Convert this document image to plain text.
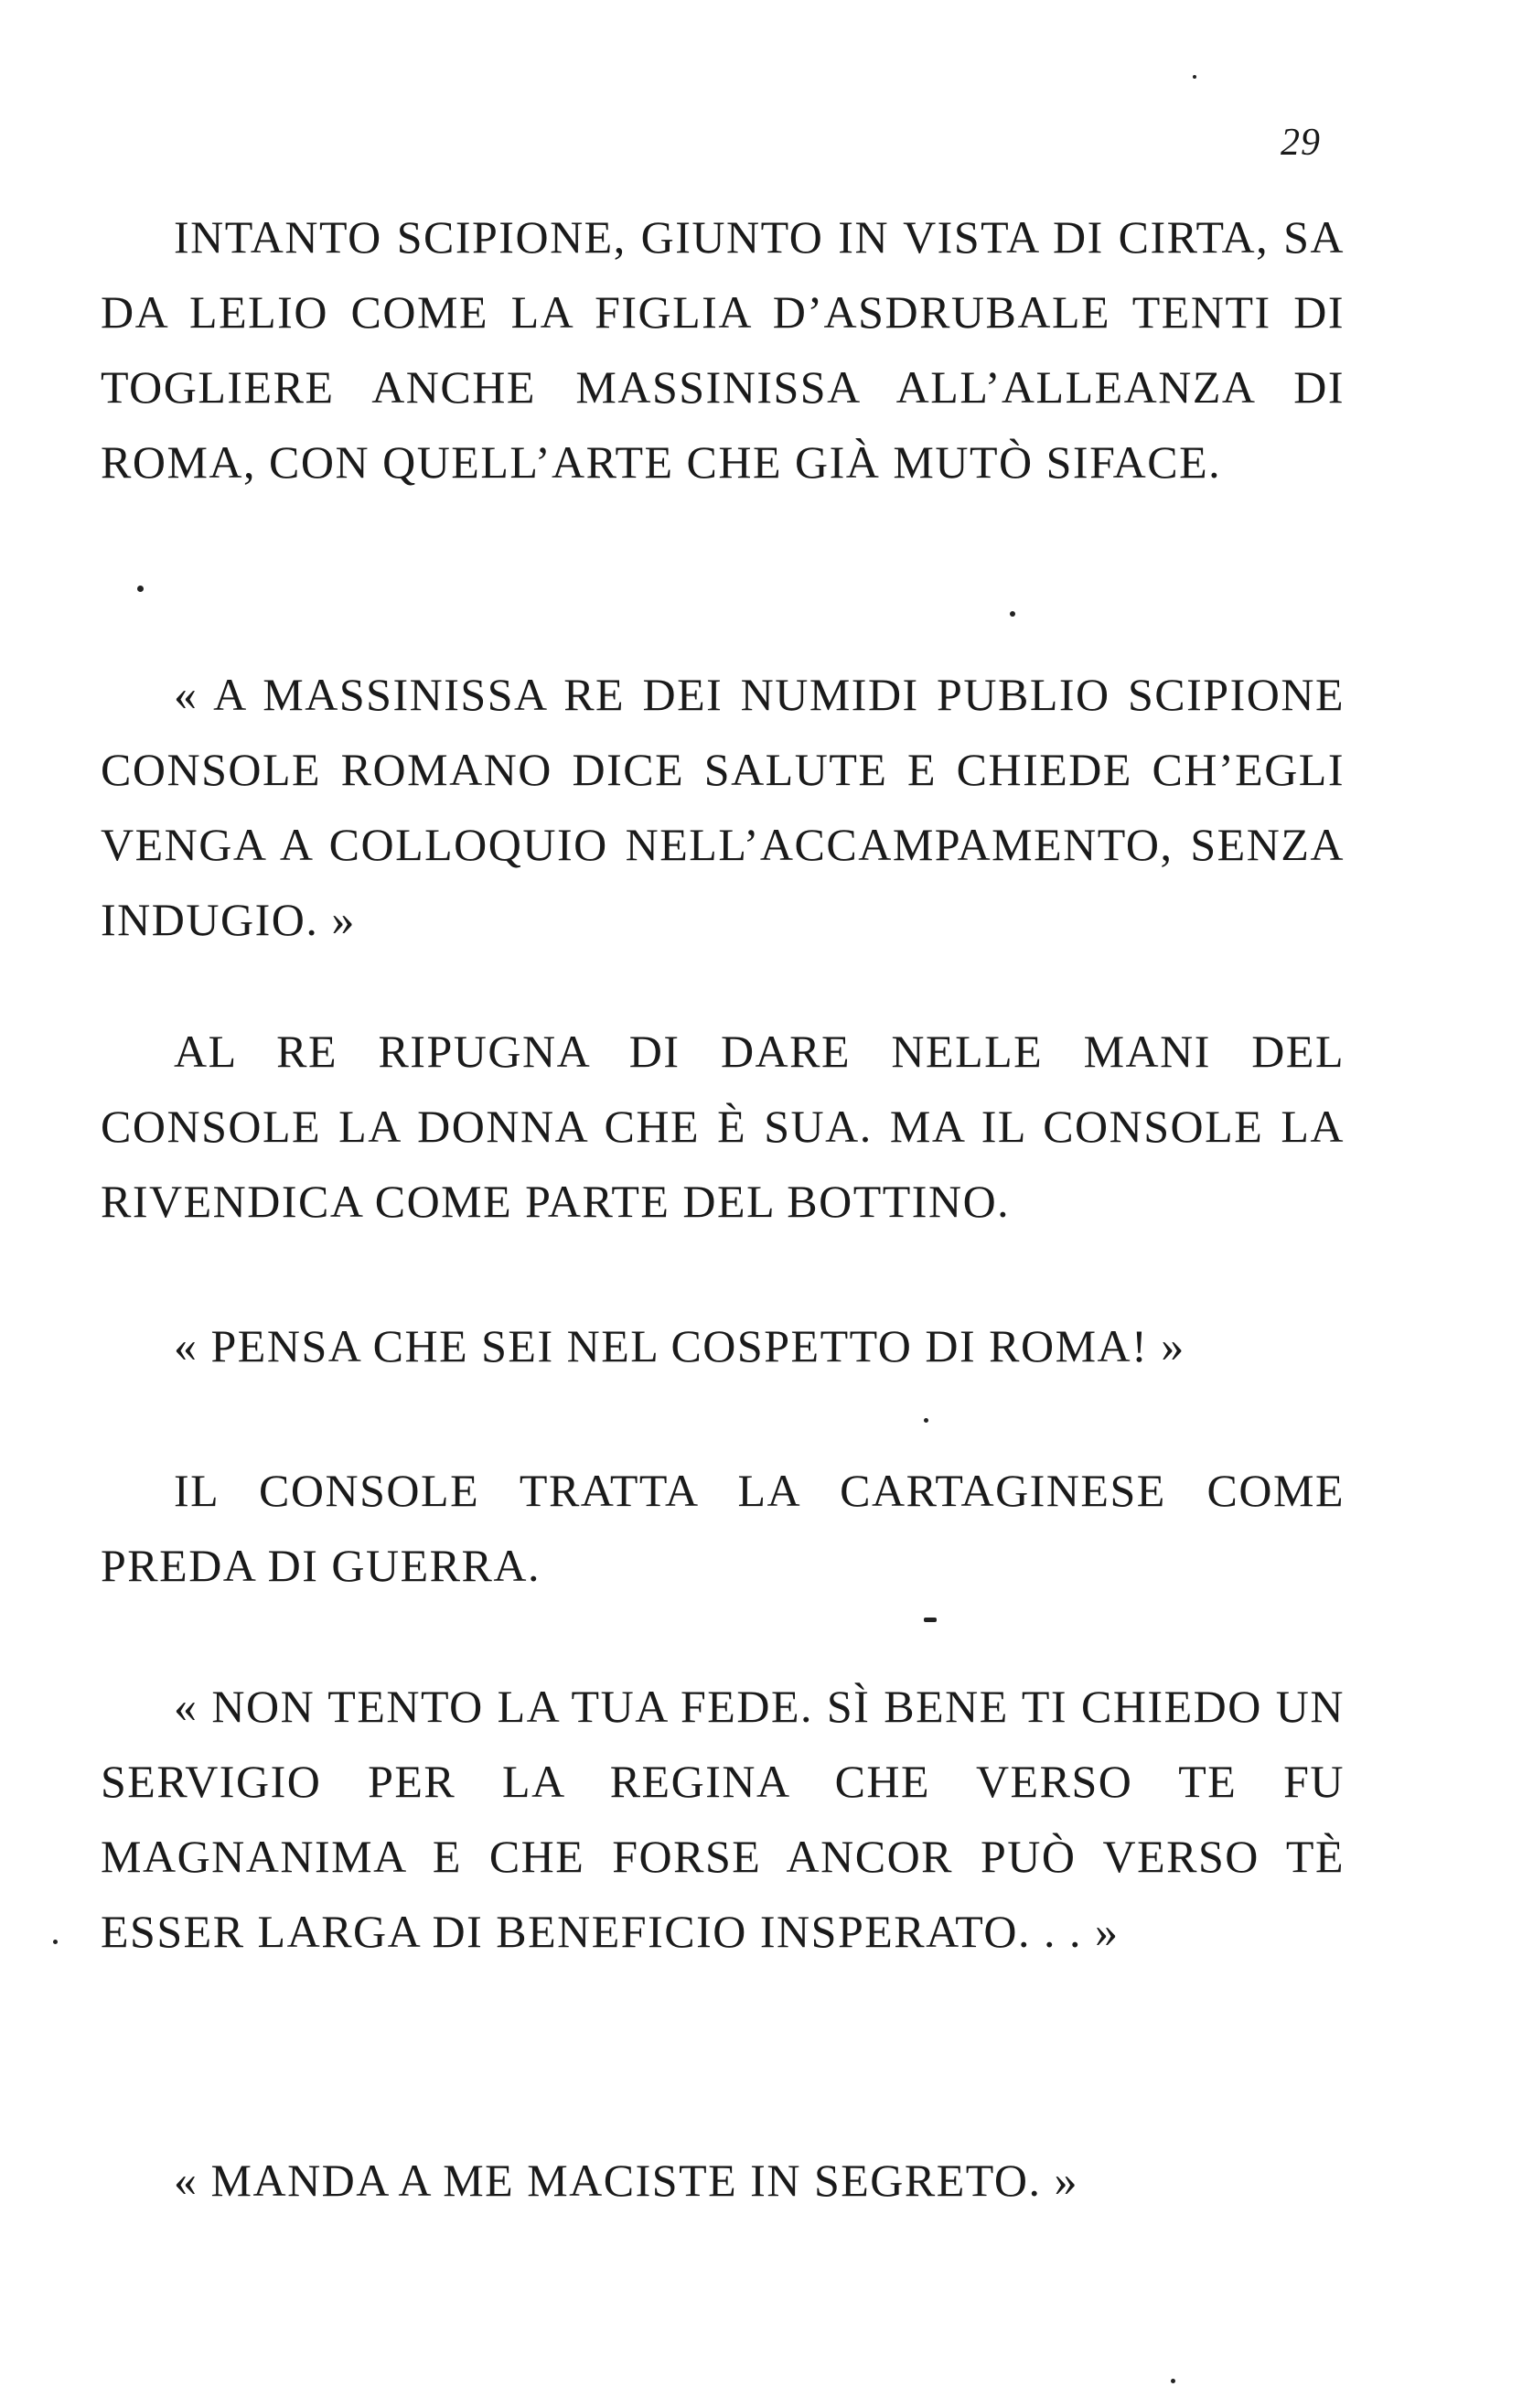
29

INTANTO SCIPIONE, GIUNTO IN VISTA DI CIRTA, SA DA LELIO COME LA FIGLIA D’ASDRUBALE TENTI DI TOGLIERE ANCHE MASSINISSA ALL’ALLEANZA DI ROMA, CON QUELL’ARTE CHE GIÀ MUTÒ SIFACE.

« A MASSINISSA RE DEI NUMIDI PUBLIO SCIPIONE CONSOLE ROMANO DICE SALUTE E CHIEDE CH’EGLI VENGA A COLLOQUIO NELL’ACCAMPAMENTO, SENZA INDUGIO. »

AL RE RIPUGNA DI DARE NELLE MANI DEL CONSOLE LA DONNA CHE È SUA. MA IL CONSOLE LA RIVENDICA COME PARTE DEL BOTTINO.

« PENSA CHE SEI NEL COSPETTO DI ROMA! »

IL CONSOLE TRATTA LA CARTAGINESE COME PREDA DI GUERRA.

« NON TENTO LA TUA FEDE. SÌ BENE TI CHIEDO UN SERVIGIO PER LA REGINA CHE VERSO TE FU MAGNANIMA E CHE FORSE ANCOR PUÒ VERSO TÈ ESSER LARGA DI BENEFICIO INSPERATO. . . »

« MANDA A ME MACISTE IN SEGRETO. »
